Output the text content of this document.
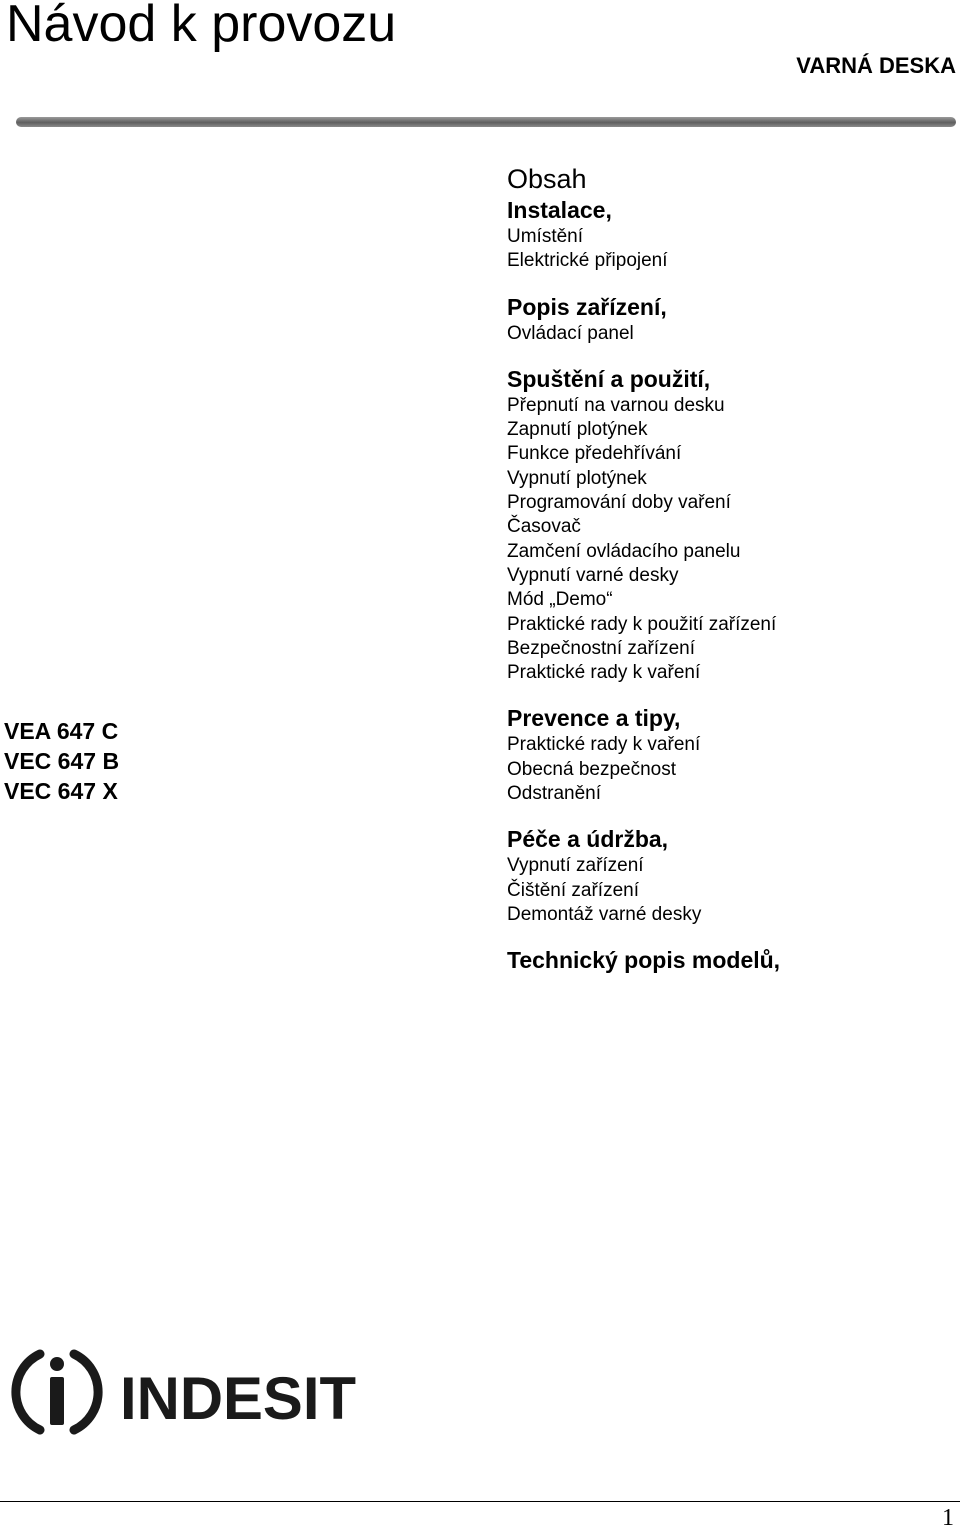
Návod k provozu
VARNÁ DESKA
Obsah
Instalace,
Umístění
Elektrické připojení
Popis zařízení,
Ovládací panel
Spuštění a použití,
Přepnutí na varnou desku
Zapnutí plotýnek
Funkce předehřívání
Vypnutí plotýnek
Programování doby vaření
Časovač
Zamčení ovládacího panelu
Vypnutí varné desky
Mód „Demo“
Praktické rady k použití zařízení
Bezpečnostní zařízení
Praktické rady k vaření
Prevence a tipy,
Praktické rady k vaření
Obecná bezpečnost
Odstranění
Péče a údržba,
Vypnutí zařízení
Čištění zařízení
Demontáž varné desky
Technický popis modelů,
VEA 647 C
VEC 647 B
VEC 647 X
INDESIT
1
